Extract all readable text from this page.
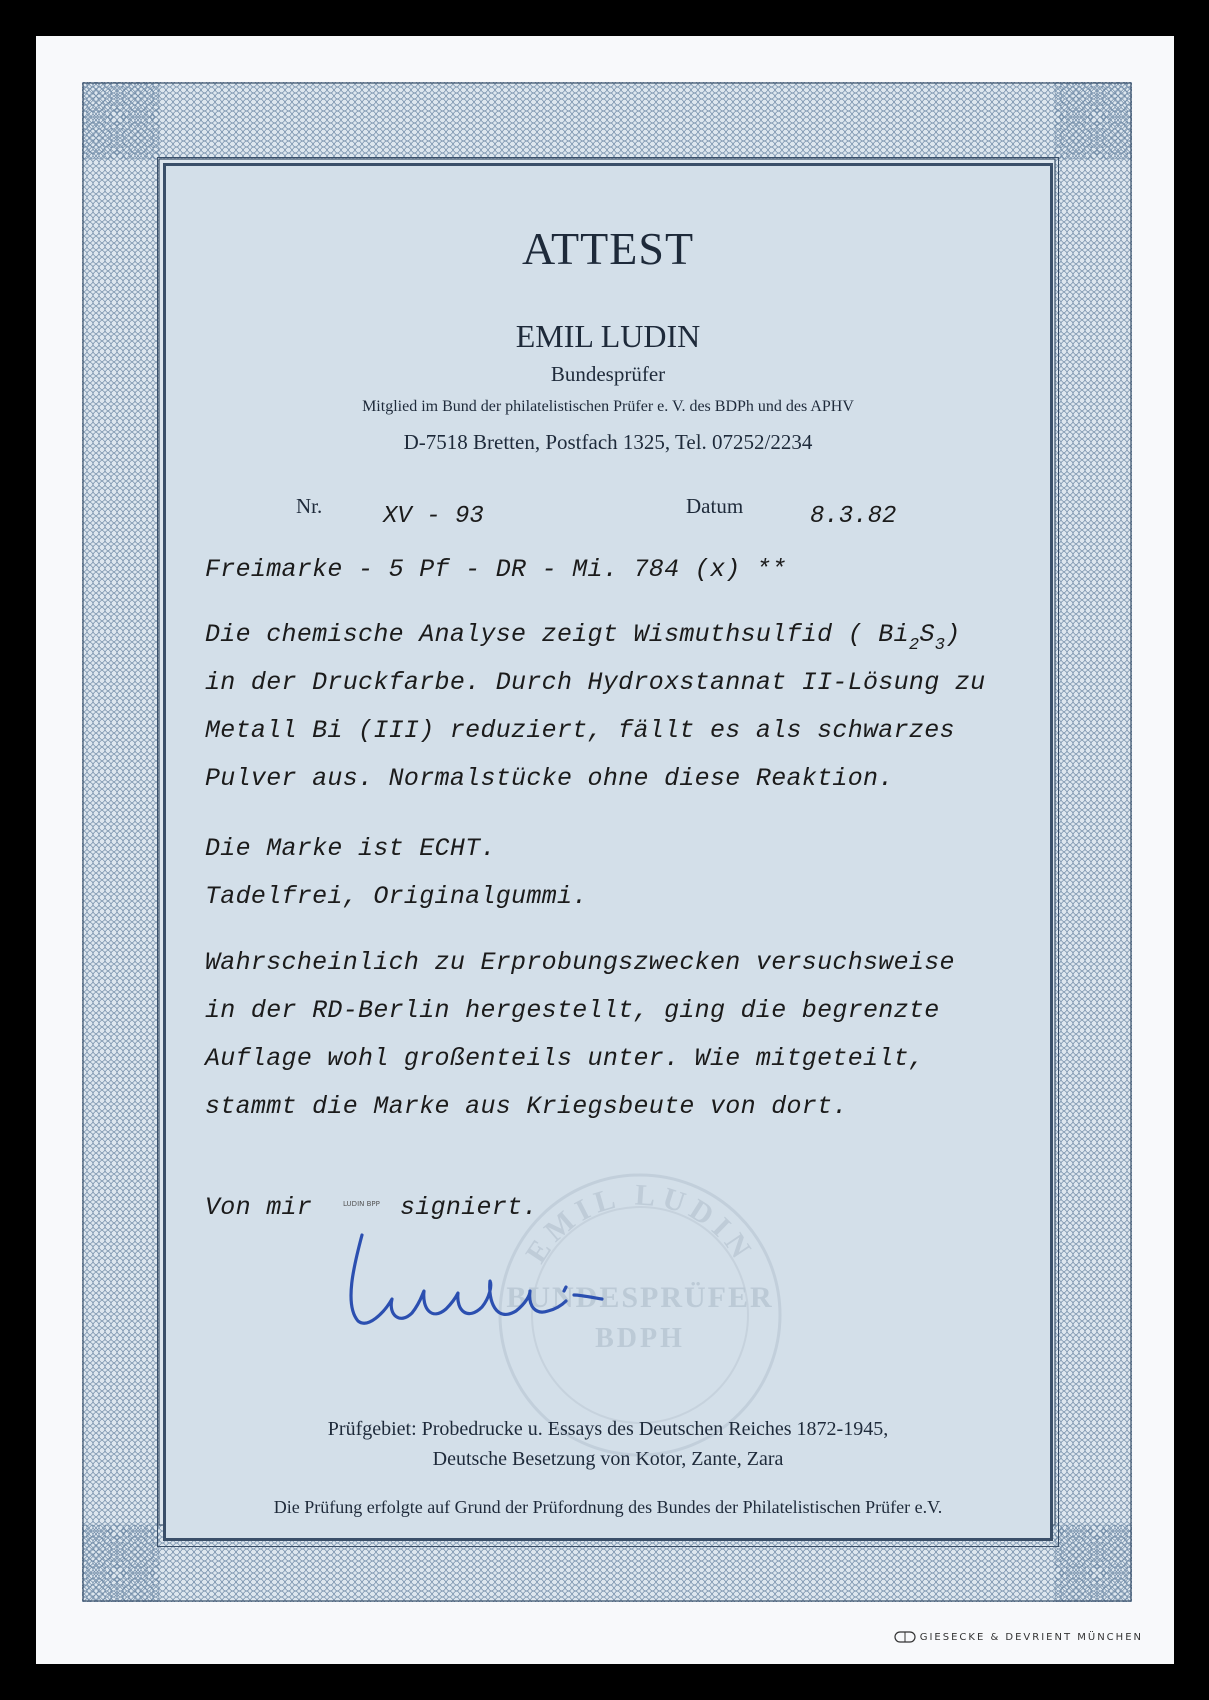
EMIL LUDIN
BUNDESPRÜFER
BDPH
ATTEST
EMIL LUDIN
Bundesprüfer
Mitglied im Bund der philatelistischen Prüfer e. V. des BDPh und des APHV
D-7518 Bretten, Postfach 1325, Tel. 07252/2234
Nr.	XV - 93	Datum	8.3.82
Freimarke - 5 Pf - DR - Mi. 784 (x) **
Die chemische Analyse zeigt Wismuthsulfid ( $Bi_2S_3$)
in der Druckfarbe. Durch Hydroxstannat II-Lösung zu
Metall Bi (III) reduziert, fällt es als schwarzes
Pulver aus. Normalstücke ohne diese Reaktion.
Die Marke ist ECHT.
Tadelfrei, Originalgummi.
Wahrscheinlich zu Erprobungszwecken versuchsweise
in der RD-Berlin hergestellt, ging die begrenzte
Auflage wohl großenteils unter. Wie mitgeteilt,
stammt die Marke aus Kriegsbeute von dort.
Von mir	signiert.
LUDIN BPP
Prüfgebiet: Probedrucke u. Essays des Deutschen Reiches 1872-1945,
Deutsche Besetzung von Kotor, Zante, Zara
Die Prüfung erfolgte auf Grund der Prüfordnung des Bundes der Philatelistischen Prüfer e.V.
GIESECKE & DEVRIENT MÜNCHEN
